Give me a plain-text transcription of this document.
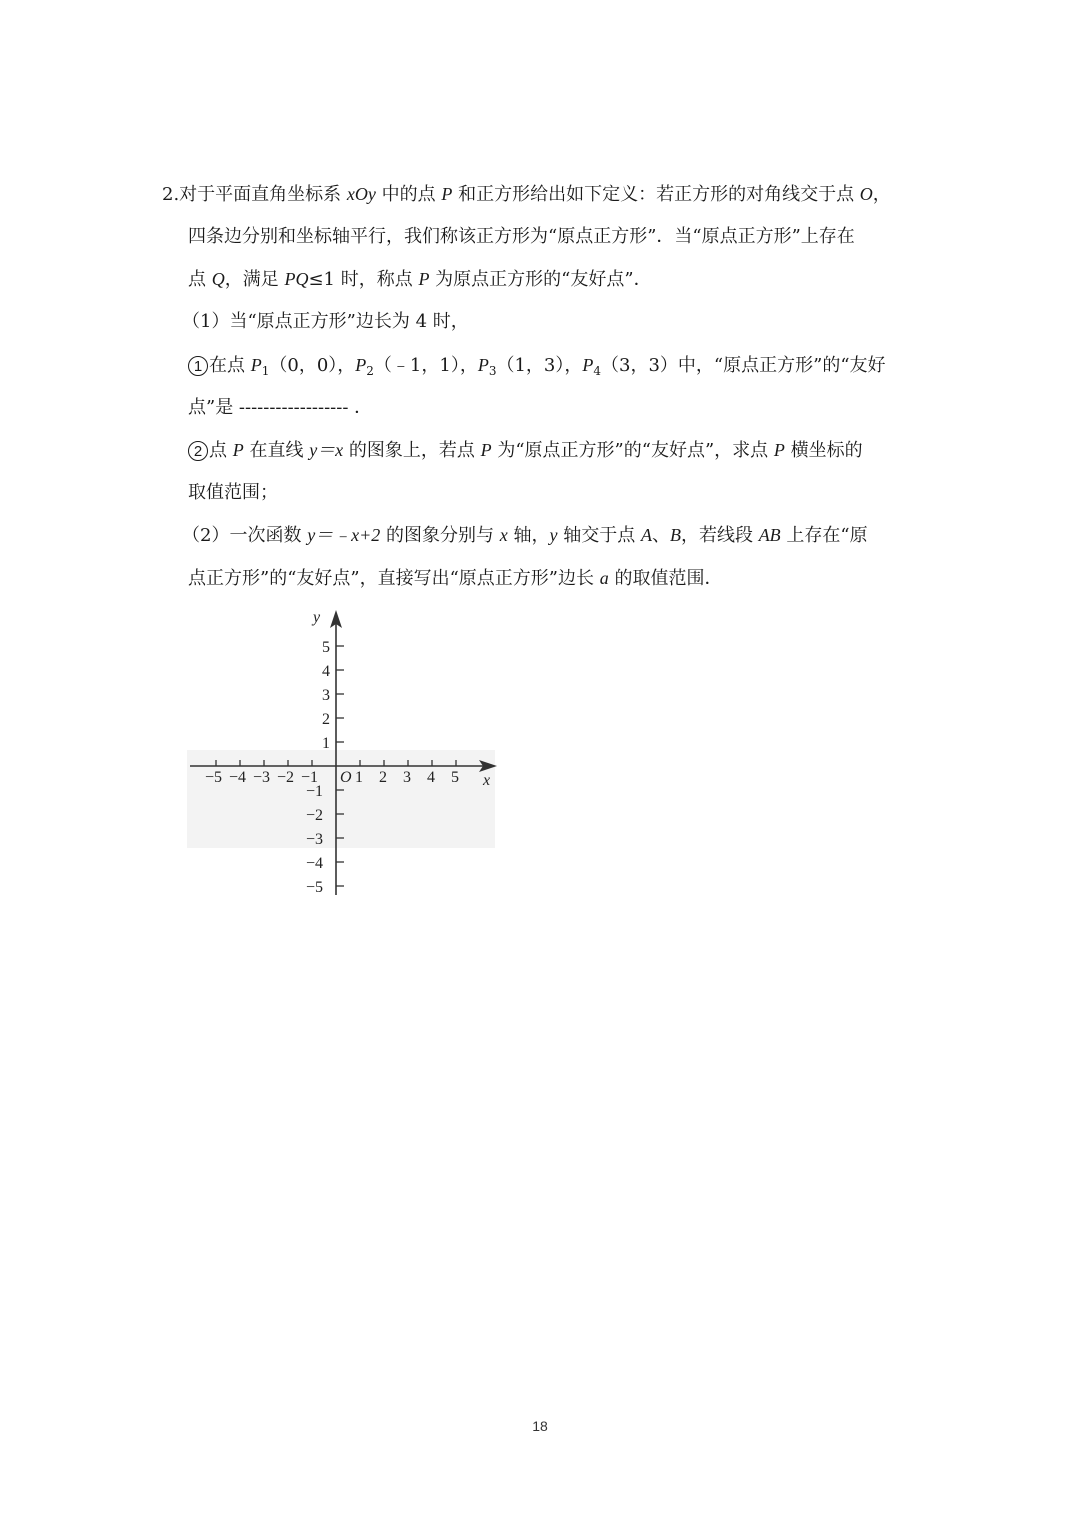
2.对于平面直角坐标系 xOy 中的点 P 和正方形给出如下定义：若正方形的对角线交于点 O，
四条边分别和坐标轴平行，我们称该正方形为“原点正方形”．当“原点正方形”上存在
点 Q，满足 PQ≤1 时，称点 P 为原点正方形的“友好点”．
（1）当“原点正方形”边长为 4 时，
1 在点 $P_1(0$，0），$P_2(﹣1$，1），$P_3(1$，3），$P_4(3$，3）中，“原点正方形”的“友好
点”是 ------------------ ．
2 点 P 在直线 y＝x 的图象上，若点 P 为“原点正方形”的“友好点”，求点 P 横坐标的
取值范围；
（2）一次函数 y＝﹣x+2 的图象分别与 x 轴，y 轴交于点 A、B，若线段 AB 上存在“原
点正方形”的“友好点”，直接写出“原点正方形”边长 a 的取值范围．
x
y
O
−5 −4 −3 −2 −1 1 2 3 4 5
−5
−4
−3
−2
−1
1
2
3
4
5
18
